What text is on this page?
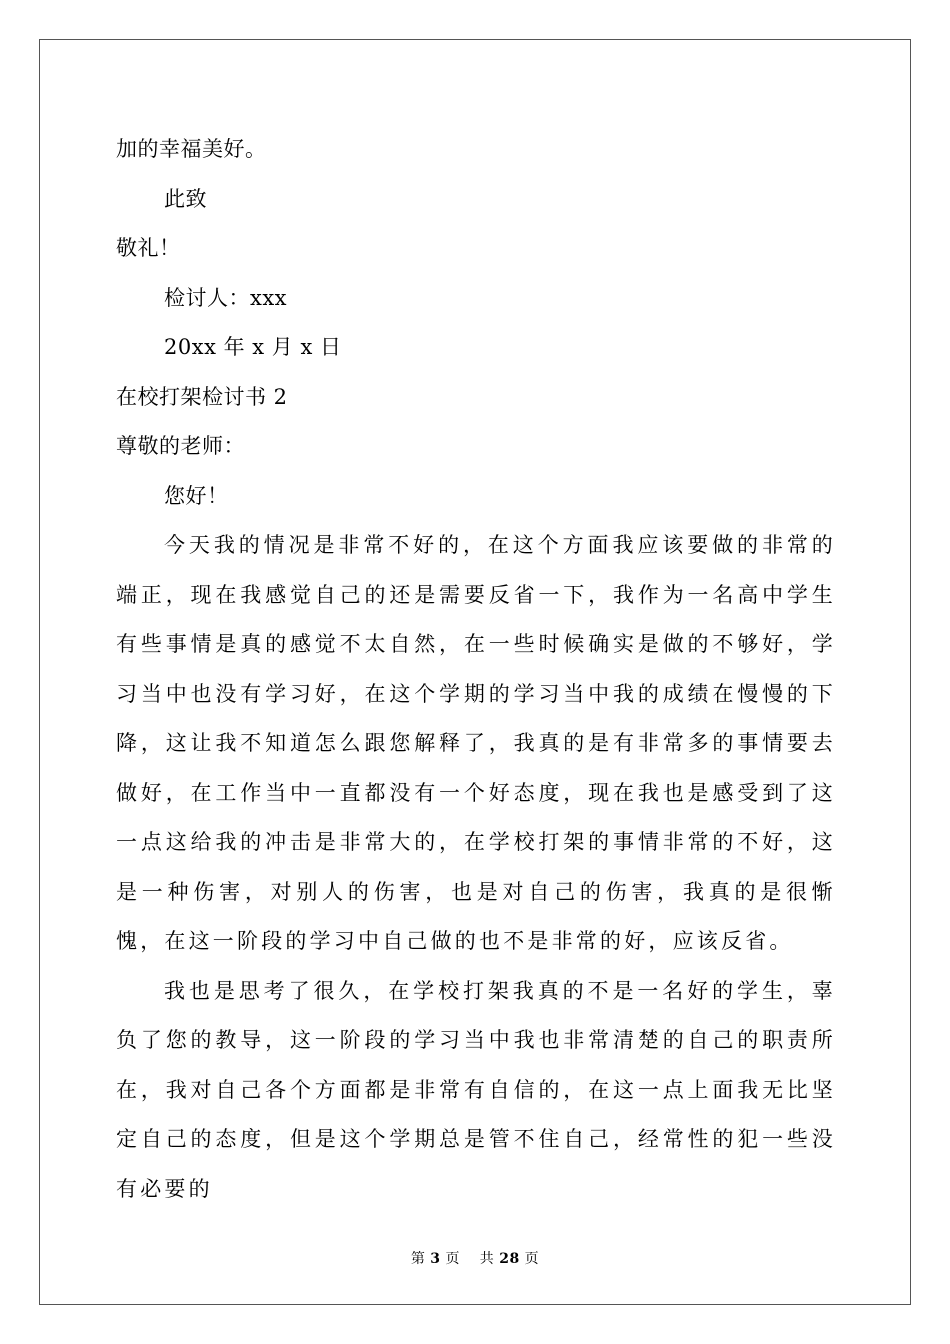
加的幸福美好。
此致
敬礼！
检讨人：xxx
20xx 年 x 月 x 日
在校打架检讨书 2
尊敬的老师：
您好！

今天我的情况是非常不好的，在这个方面我应该要做的非常的端正，现在我感觉自己的还是需要反省一下，我作为一名高中学生有些事情是真的感觉不太自然，在一些时候确实是做的不够好，学习当中也没有学习好，在这个学期的学习当中我的成绩在慢慢的下降，这让我不知道怎么跟您解释了，我真的是有非常多的事情要去做好，在工作当中一直都没有一个好态度，现在我也是感受到了这一点这给我的冲击是非常大的，在学校打架的事情非常的不好，这是一种伤害，对别人的伤害，也是对自己的伤害，我真的是很惭愧，在这一阶段的学习中自己做的也不是非常的好，应该反省。

我也是思考了很久，在学校打架我真的不是一名好的学生，辜负了您的教导，这一阶段的学习当中我也非常清楚的自己的职责所在，我对自己各个方面都是非常有自信的，在这一点上面我无比坚定自己的态度，但是这个学期总是管不住自己，经常性的犯一些没有必要的

第 3 页 共 28 页
